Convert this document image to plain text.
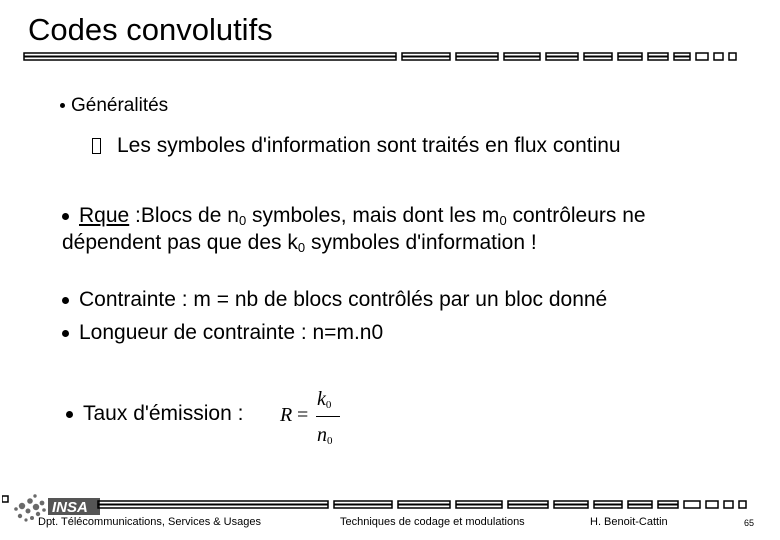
Codes convolutifs
Généralités
Les symboles d'information sont traités en flux continu
Rque :Blocs de $n_0$ symboles, mais dont les $m_0$ contrôleurs ne
dépendent pas que des $k_0$ symboles d'information !
Contrainte : m = nb de blocs contrôlés par un bloc donné
Longueur de contrainte : n=m.n0
Taux d'émission : R =
$k_0$
$n_0$
INSA
Dpt. Télécommunications, Services & Usages	Techniques de codage et modulations	H. Benoit-Cattin	65
